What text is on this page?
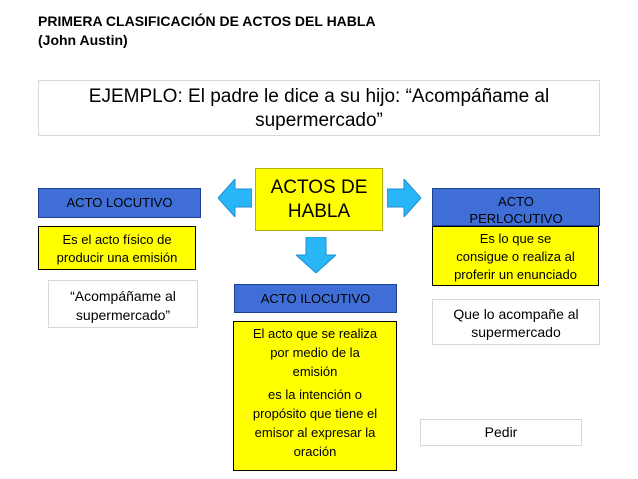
PRIMERA CLASIFICACIÓN DE ACTOS DEL HABLA
(John Austin)
EJEMPLO: El padre le dice a su hijo: “Acompáñame al
supermercado”
ACTOS DE
HABLA
ACTO LOCUTIVO
Es el acto físico de
producir una emisión
“Acompáñame al
supermercado”
ACTO ILOCUTIVO
El acto que se realiza
por medio de la
emisión
es la intención o
propósito que tiene el
emisor al expresar la
oración
Pedir
ACTO
PERLOCUTIVO
Es lo que se
consigue o realiza al
proferir un enunciado
Que lo acompañe al
supermercado
